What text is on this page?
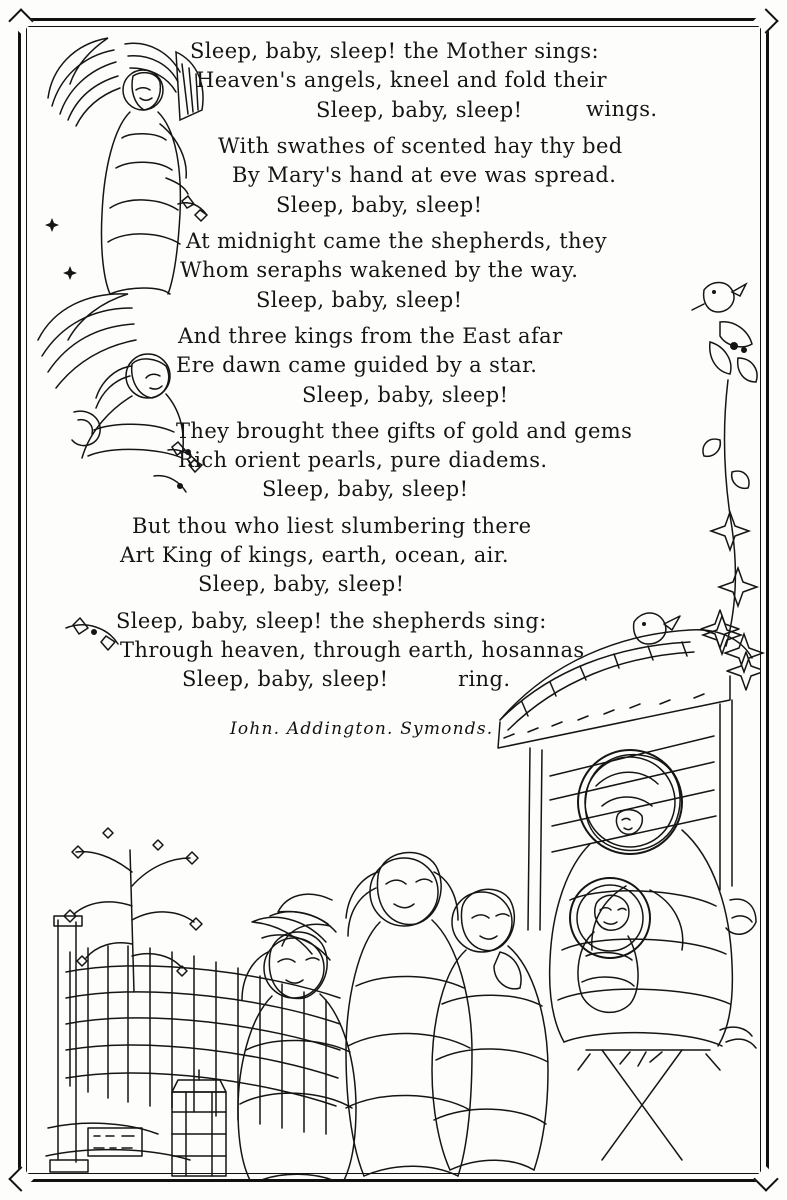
Sleep, baby, sleep! the Mother sings:
Heaven's angels, kneel and fold their
Sleep, baby, sleep!	wings.
With swathes of scented hay thy bed
By Mary's hand at eve was spread.
Sleep, baby, sleep!
At midnight came the shepherds, they
Whom seraphs wakened by the way.
Sleep, baby, sleep!
And three kings from the East afar
Ere dawn came guided by a star.
Sleep, baby, sleep!
They brought thee gifts of gold and gems
Rich orient pearls, pure diadems.
Sleep, baby, sleep!
But thou who liest slumbering there
Art King of kings, earth, ocean, air.
Sleep, baby, sleep!
Sleep, baby, sleep! the shepherds sing:
Through heaven, through earth, hosannas
Sleep, baby, sleep!	ring.
Iohn. Addington. Symonds.
